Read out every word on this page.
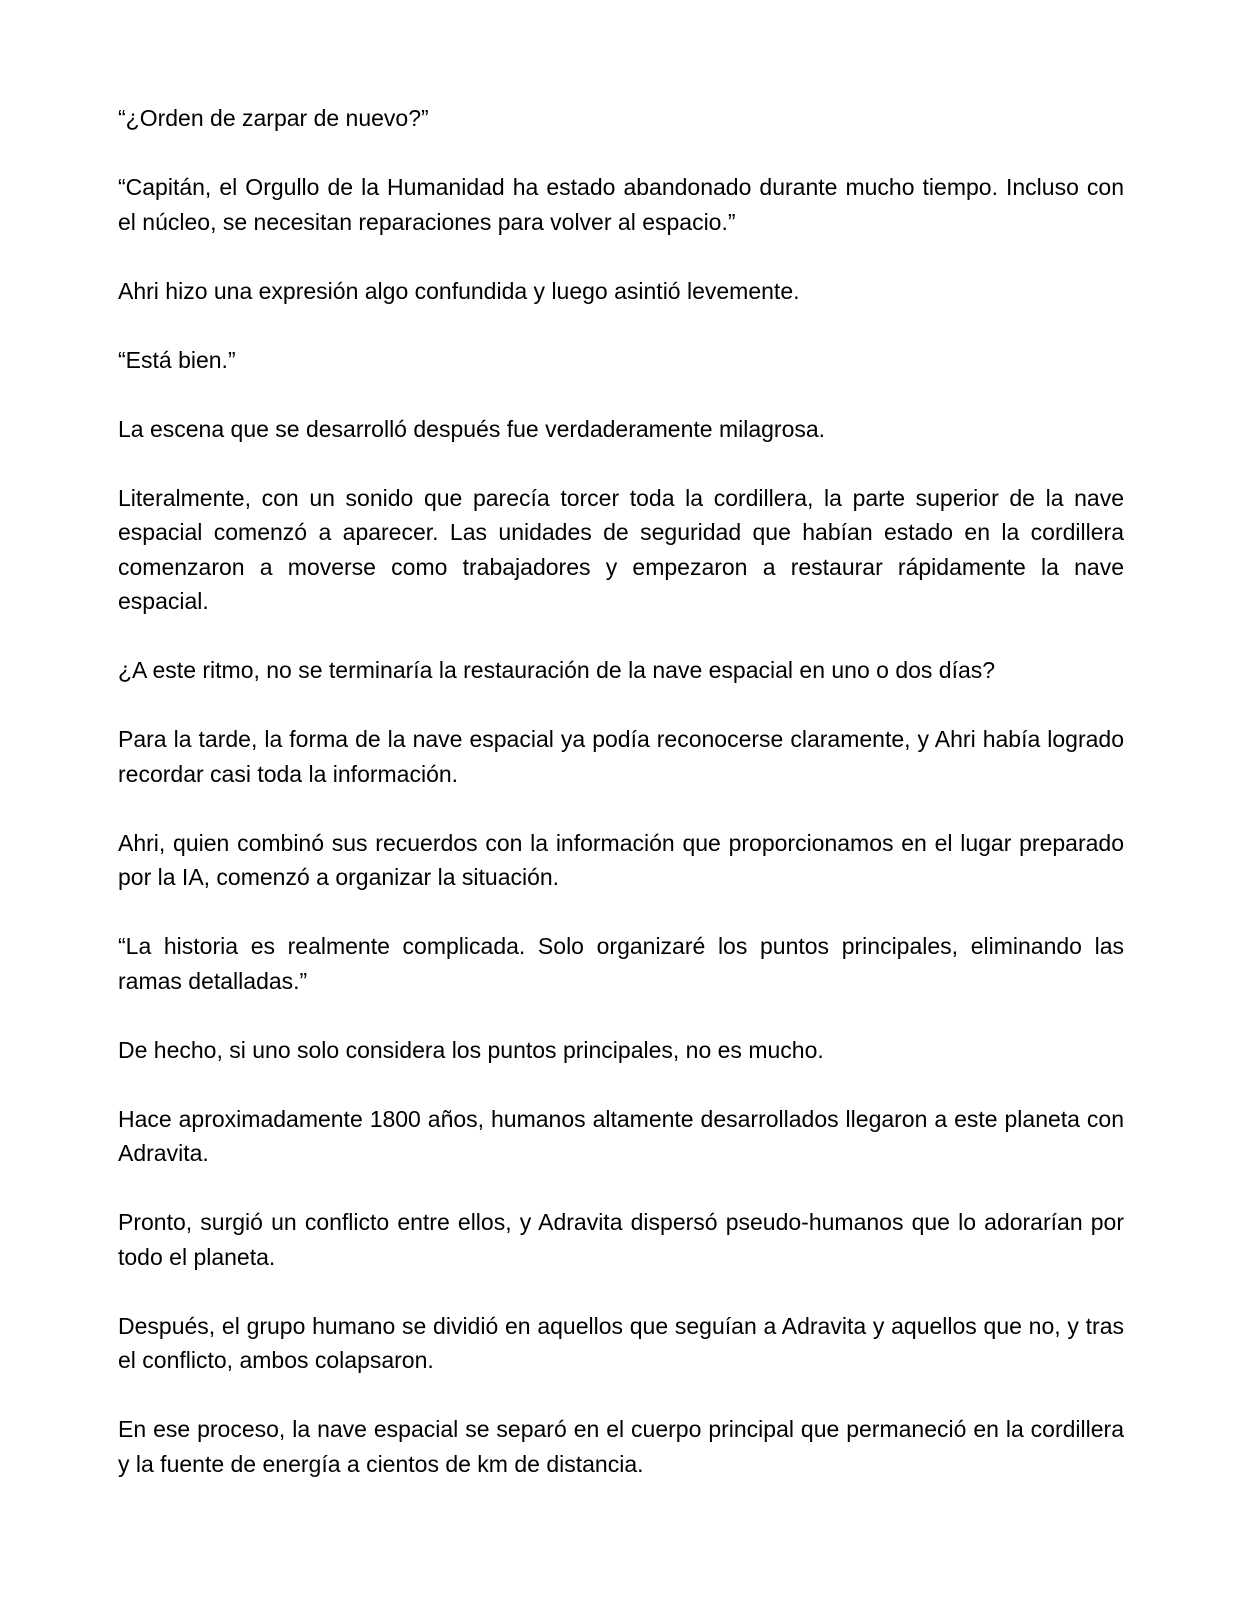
“¿Orden de zarpar de nuevo?”

“Capitán, el Orgullo de la Humanidad ha estado abandonado durante mucho tiempo. Incluso con el núcleo, se necesitan reparaciones para volver al espacio.”

Ahri hizo una expresión algo confundida y luego asintió levemente.

“Está bien.”

La escena que se desarrolló después fue verdaderamente milagrosa.

Literalmente, con un sonido que parecía torcer toda la cordillera, la parte superior de la nave espacial comenzó a aparecer. Las unidades de seguridad que habían estado en la cordillera comenzaron a moverse como trabajadores y empezaron a restaurar rápidamente la nave espacial.

¿A este ritmo, no se terminaría la restauración de la nave espacial en uno o dos días?

Para la tarde, la forma de la nave espacial ya podía reconocerse claramente, y Ahri había logrado recordar casi toda la información.

Ahri, quien combinó sus recuerdos con la información que proporcionamos en el lugar preparado por la IA, comenzó a organizar la situación.

“La historia es realmente complicada. Solo organizaré los puntos principales, eliminando las ramas detalladas.”

De hecho, si uno solo considera los puntos principales, no es mucho.

Hace aproximadamente 1800 años, humanos altamente desarrollados llegaron a este planeta con Adravita.

Pronto, surgió un conflicto entre ellos, y Adravita dispersó pseudo-humanos que lo adorarían por todo el planeta.

Después, el grupo humano se dividió en aquellos que seguían a Adravita y aquellos que no, y tras el conflicto, ambos colapsaron.

En ese proceso, la nave espacial se separó en el cuerpo principal que permaneció en la cordillera y la fuente de energía a cientos de km de distancia.
